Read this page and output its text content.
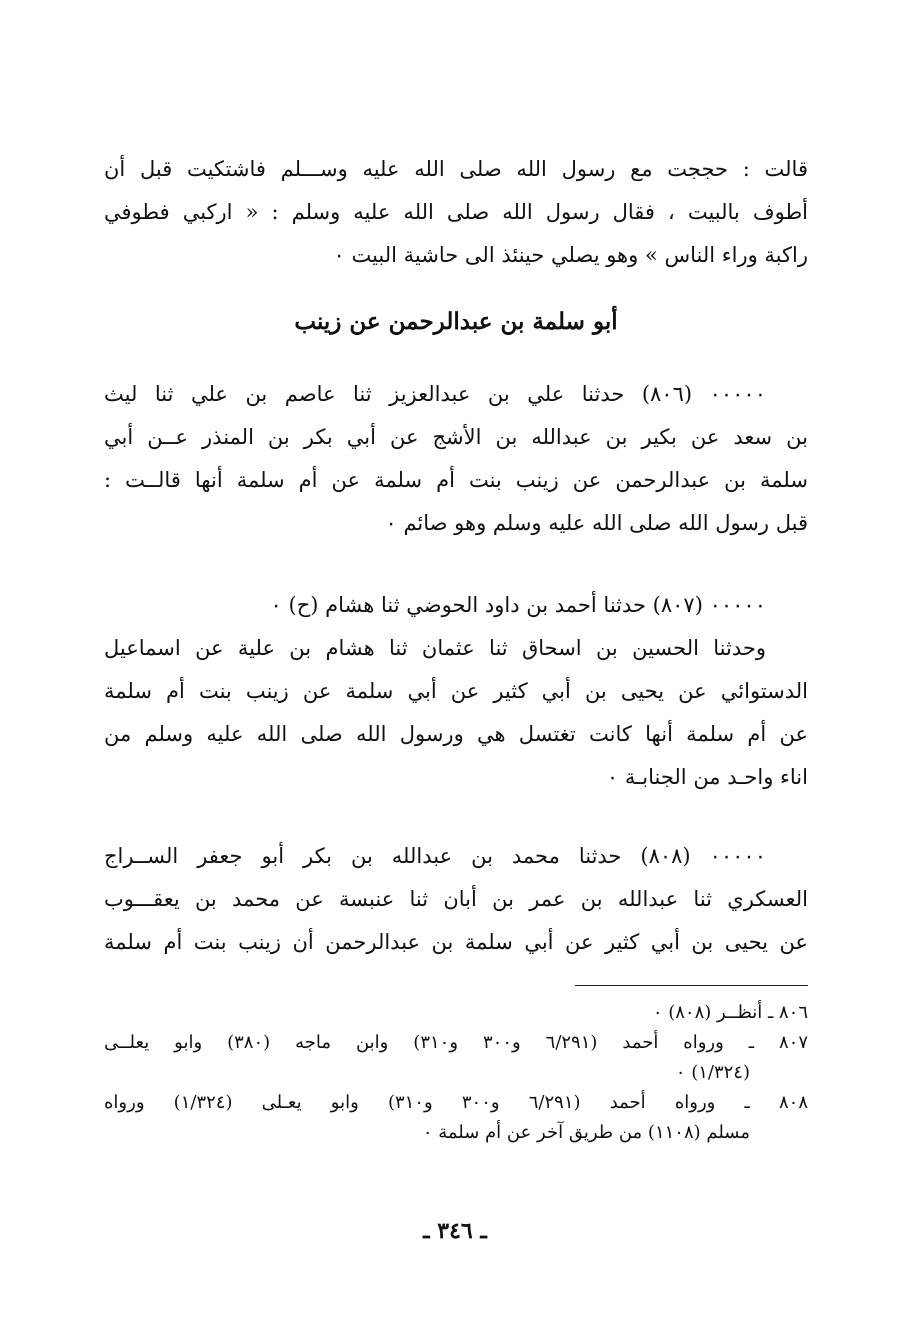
قالت : حججت مع رسول الله صلى الله عليه وســـلم فاشتكيت قبل أن
أطوف بالبيت ، فقال رسول الله صلى الله عليه وسلم : « اركبي فطوفي
راكبة وراء الناس » وهو يصلي حينئذ الى حاشية البيت ٠
أبو سلمة بن عبدالرحمن عن زينب
٠٠٠٠٠ (٨٠٦) حدثنا علي بن عبدالعزيز ثنا عاصم بن علي ثنا ليث
بن سعد عن بكير بن عبدالله بن الأشج عن أبي بكر بن المنذر عــن أبي
سلمة بن عبدالرحمن عن زينب بنت أم سلمة عن أم سلمة أنها قالــت :
قبل رسول الله صلى الله عليه وسلم وهو صائم ٠
٠٠٠٠٠ (٨٠٧) حدثنا أحمد بن داود الحوضي ثنا هشام (ح) ٠
وحدثنا الحسين بن اسحاق ثنا عثمان ثنا هشام بن علية عن اسماعيل
الدستوائي عن يحيى بن أبي كثير عن أبي سلمة عن زينب بنت أم سلمة
عن أم سلمة أنها كانت تغتسل هي ورسول الله صلى الله عليه وسلم من
اناء واحـد من الجنابـة ٠
٠٠٠٠٠ (٨٠٨) حدثنا محمد بن عبدالله بن بكر أبو جعفر الســراج
العسكري ثنا عبدالله بن عمر بن أبان ثنا عنبسة عن محمد بن يعقـــوب
عن يحيى بن أبي كثير عن أبي سلمة بن عبدالرحمن أن زينب بنت أم سلمة
٨٠٦ ـ أنظــر (٨٠٨) ٠
٨٠٧ ـ ورواه أحمد (٦/٢٩١ و٣٠٠ و٣١٠) وابن ماجه (٣٨٠) وابو يعلــى
(١/٣٢٤) ٠
٨٠٨ ـ ورواه أحمد (٦/٢٩١ و٣٠٠ و٣١٠) وابو يعـلى (١/٣٢٤) ورواه
مسلم (١١٠٨) من طريق آخر عن أم سلمة ٠
ـ ٣٤٦ ـ
